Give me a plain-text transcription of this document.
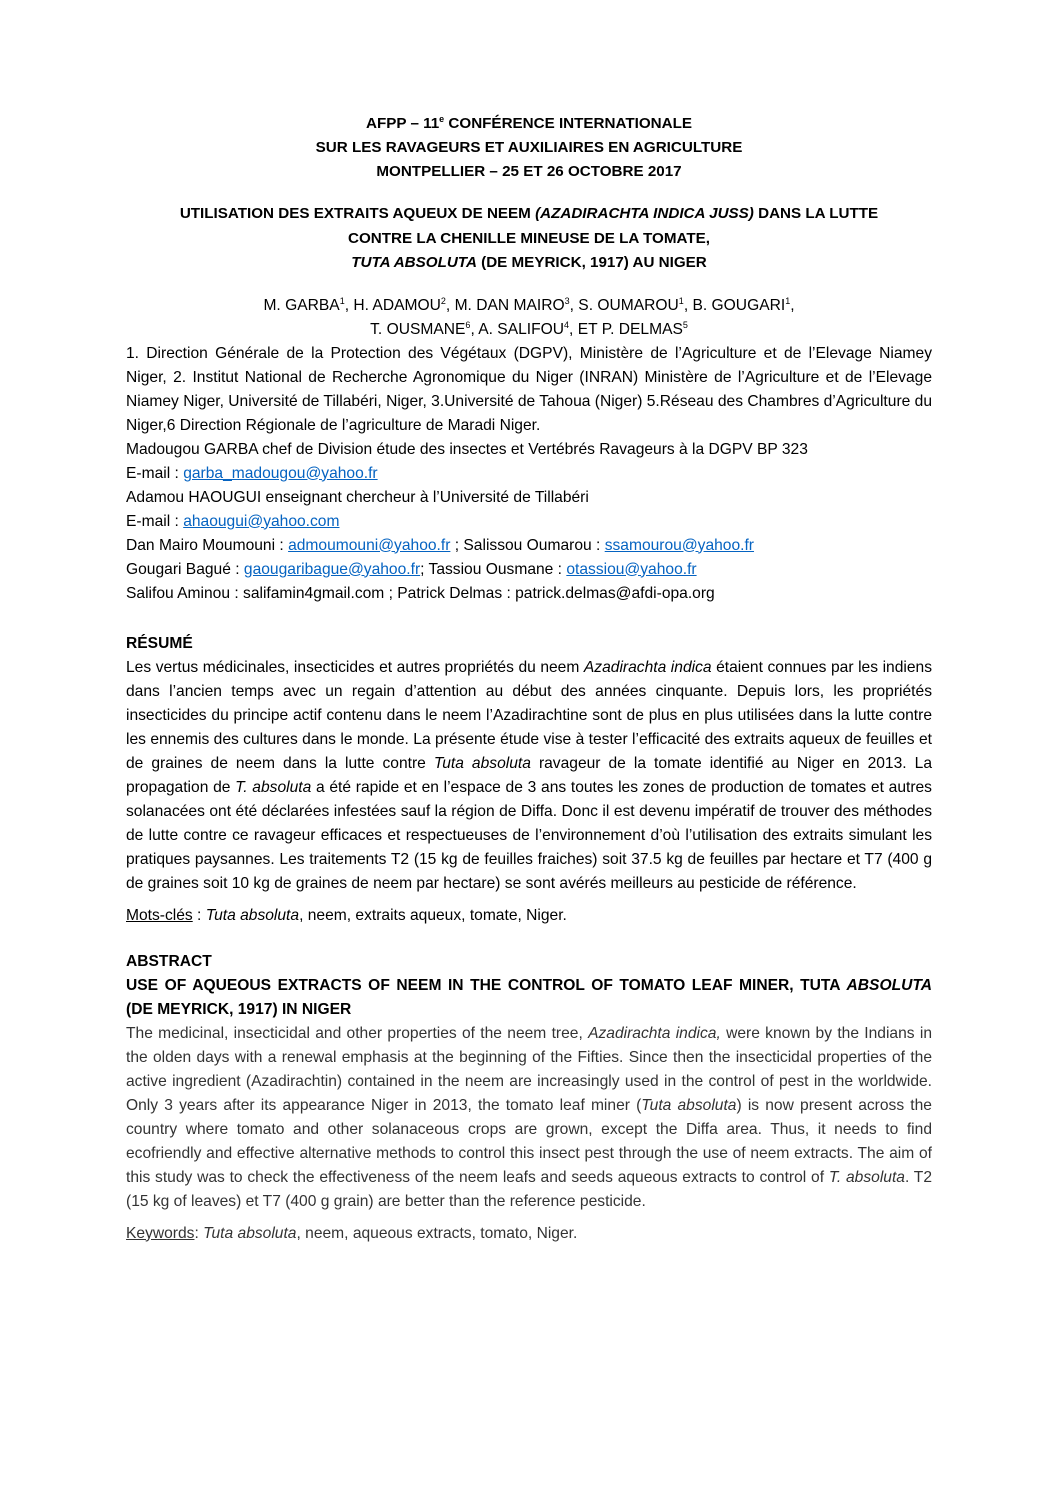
AFPP – 11e CONFÉRENCE INTERNATIONALE

SUR LES RAVAGEURS ET AUXILIAIRES EN AGRICULTURE

MONTPELLIER – 25 ET 26 OCTOBRE 2017

UTILISATION DES EXTRAITS AQUEUX DE NEEM (AZADIRACHTA INDICA JUSS) DANS LA LUTTE
CONTRE LA CHENILLE MINEUSE DE LA TOMATE,
TUTA ABSOLUTA (DE MEYRICK, 1917) AU NIGER
M. GARBA$^1$, H. ADAMOU$^2$, M. DAN MAIRO$^3$, S. OUMAROU$^1$, B. GOUGARI$^1$,
T. OUSMANE$^6$, A. SALIFOU$^4$, ET P. DELMAS$^5$
1. Direction Générale de la Protection des Végétaux (DGPV), Ministère de l’Agriculture et de l’Elevage Niamey Niger, 2. Institut National de Recherche Agronomique du Niger (INRAN) Ministère de l’Agriculture et de l’Elevage Niamey Niger, Université de Tillabéri, Niger, 3.Université de Tahoua (Niger) 5.Réseau des Chambres d’Agriculture du Niger,6 Direction Régionale de l’agriculture de Maradi Niger.
Madougou GARBA chef de Division étude des insectes et Vertébrés Ravageurs à la DGPV BP 323
E-mail : garba_madougou@yahoo.fr
Adamou HAOUGUI enseignant chercheur à l’Université de Tillabéri
E-mail : ahaougui@yahoo.com
Dan Mairo Moumouni : admoumouni@yahoo.fr ; Salissou Oumarou : ssamourou@yahoo.fr
Gougari Bagué : gaougaribague@yahoo.fr; Tassiou Ousmane : otassiou@yahoo.fr
Salifou Aminou : salifamin4gmail.com ; Patrick Delmas : patrick.delmas@afdi-opa.org
RÉSUMÉ

Les vertus médicinales, insecticides et autres propriétés du neem Azadirachta indica étaient connues par les indiens dans l’ancien temps avec un regain d’attention au début des années cinquante. Depuis lors, les propriétés insecticides du principe actif contenu dans le neem l’Azadirachtine sont de plus en plus utilisées dans la lutte contre les ennemis des cultures dans le monde. La présente étude vise à tester l’efficacité des extraits aqueux de feuilles et de graines de neem dans la lutte contre Tuta absoluta ravageur de la tomate identifié au Niger en 2013. La propagation de T. absoluta a été rapide et en l’espace de 3 ans toutes les zones de production de tomates et autres solanacées ont été déclarées infestées sauf la région de Diffa. Donc il est devenu impératif de trouver des méthodes de lutte contre ce ravageur efficaces et respectueuses de l’environnement d’où l’utilisation des extraits simulant les pratiques paysannes. Les traitements T2 (15 kg de feuilles fraiches) soit 37.5 kg de feuilles par hectare et T7 (400 g de graines soit 10 kg de graines de neem par hectare) se sont avérés meilleurs au pesticide de référence.

Mots-clés : Tuta absoluta, neem, extraits aqueux, tomate, Niger.
ABSTRACT
USE OF AQUEOUS EXTRACTS OF NEEM IN THE CONTROL OF TOMATO LEAF MINER, TUTA ABSOLUTA (DE MEYRICK, 1917) IN NIGER

The medicinal, insecticidal and other properties of the neem tree, Azadirachta indica, were known by the Indians in the olden days with a renewal emphasis at the beginning of the Fifties. Since then the insecticidal properties of the active ingredient (Azadirachtin) contained in the neem are increasingly used in the control of pest in the worldwide. Only 3 years after its appearance Niger in 2013, the tomato leaf miner (Tuta absoluta) is now present across the country where tomato and other solanaceous crops are grown, except the Diffa area. Thus, it needs to find ecofriendly and effective alternative methods to control this insect pest through the use of neem extracts. The aim of this study was to check the effectiveness of the neem leafs and seeds aqueous extracts to control of T. absoluta. T2 (15 kg of leaves) et T7 (400 g grain) are better than the reference pesticide.

Keywords: Tuta absoluta, neem, aqueous extracts, tomato, Niger.
